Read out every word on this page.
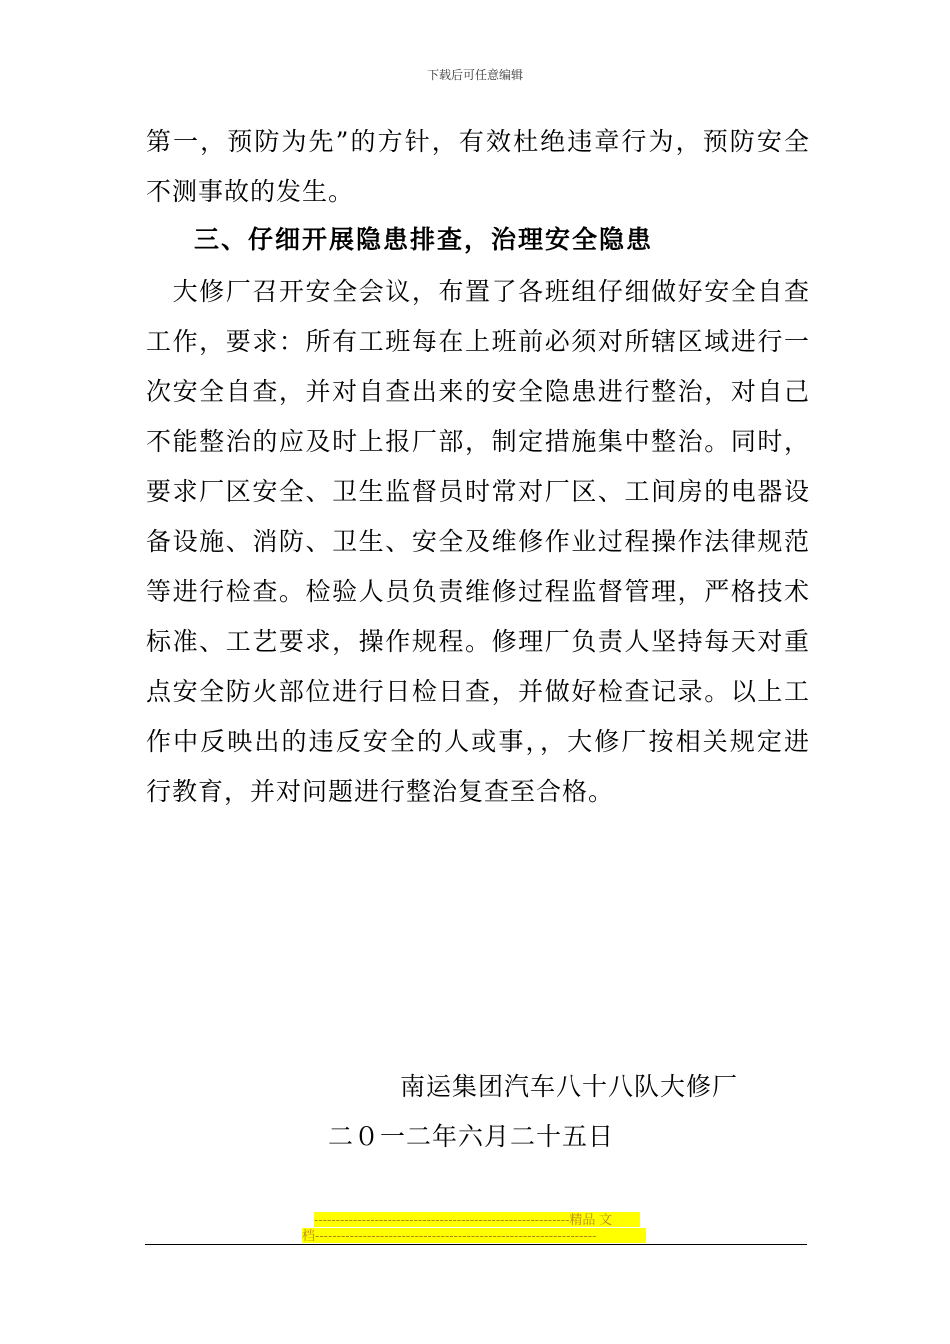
下载后可任意编辑
第一，预防为先”的方针，有效杜绝违章行为，预防安全
不测事故的发生。
三、仔细开展隐患排查，治理安全隐患
　大修厂召开安全会议，布置了各班组仔细做好安全自查
工作，要求：所有工班每在上班前必须对所辖区域进行一
次安全自查，并对自查出来的安全隐患进行整治，对自己
不能整治的应及时上报厂部，制定措施集中整治。同时，
要求厂区安全、卫生监督员时常对厂区、工间房的电器设
备设施、消防、卫生、安全及维修作业过程操作法律规范
等进行检查。检验人员负责维修过程监督管理，严格技术
标准、工艺要求，操作规程。修理厂负责人坚持每天对重
点安全防火部位进行日检日查，并做好检查记录。以上工
作中反映出的违反安全的人或事，，大修厂按相关规定进
行教育，并对问题进行整治复查至合格。
南运集团汽车八十八队大修厂
二０一二年六月二十五日
-----------------------------------------------------------精品 文
档-----------------------------------------------------------------
